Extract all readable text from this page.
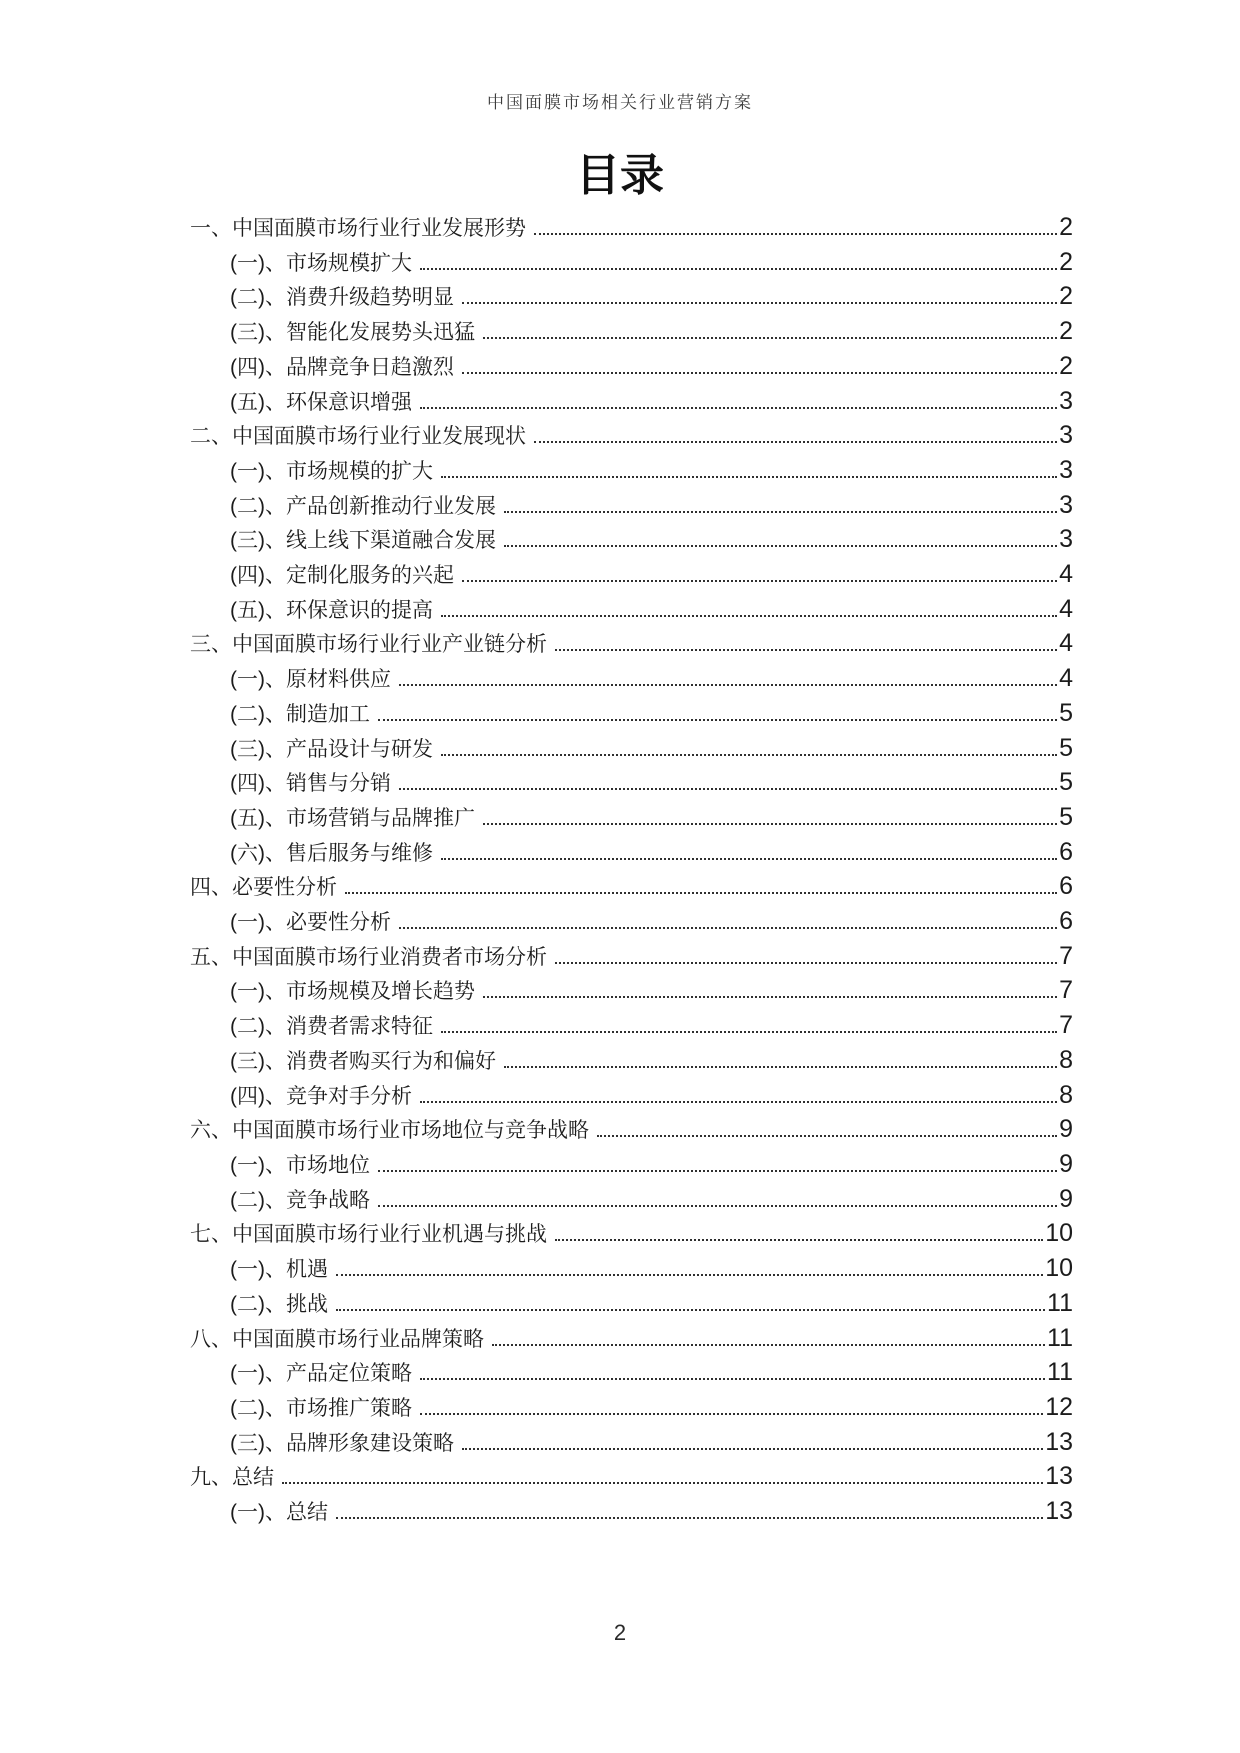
中国面膜市场相关行业营销方案
目录
一、中国面膜市场行业行业发展形势	2
(一)、市场规模扩大	2
(二)、消费升级趋势明显	2
(三)、智能化发展势头迅猛	2
(四)、品牌竞争日趋激烈	2
(五)、环保意识增强	3
二、中国面膜市场行业行业发展现状	3
(一)、市场规模的扩大	3
(二)、产品创新推动行业发展	3
(三)、线上线下渠道融合发展	3
(四)、定制化服务的兴起	4
(五)、环保意识的提高	4
三、中国面膜市场行业行业产业链分析	4
(一)、原材料供应	4
(二)、制造加工	5
(三)、产品设计与研发	5
(四)、销售与分销	5
(五)、市场营销与品牌推广	5
(六)、售后服务与维修	6
四、必要性分析	6
(一)、必要性分析	6
五、中国面膜市场行业消费者市场分析	7
(一)、市场规模及增长趋势	7
(二)、消费者需求特征	7
(三)、消费者购买行为和偏好	8
(四)、竞争对手分析	8
六、中国面膜市场行业市场地位与竞争战略	9
(一)、市场地位	9
(二)、竞争战略	9
七、中国面膜市场行业行业机遇与挑战	10
(一)、机遇	10
(二)、挑战	11
八、中国面膜市场行业品牌策略	11
(一)、产品定位策略	11
(二)、市场推广策略	12
(三)、品牌形象建设策略	13
九、总结	13
(一)、总结	13
2
